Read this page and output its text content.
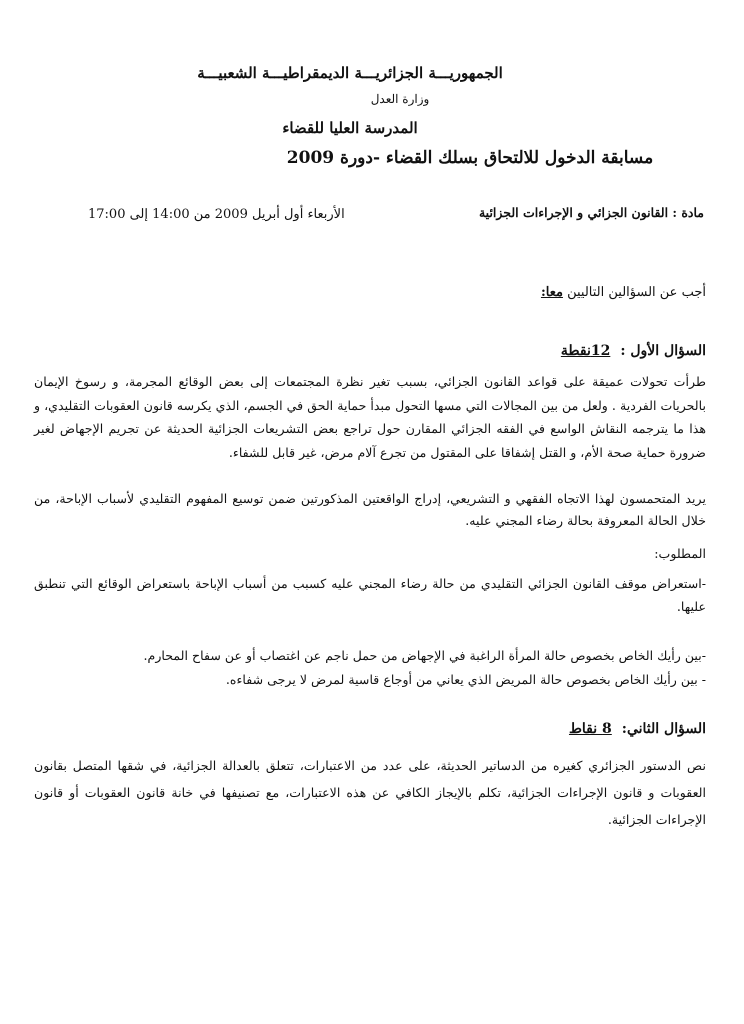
الجمهوريـــة الجزائريـــة الديمقراطيـــة الشعبيـــة
وزارة العدل
المدرسة العليا للقضاء
مسابقة الدخول للالتحاق بسلك القضاء -دورة 2009
مادة : القانون الجزائي و الإجراءات الجزائية
الأربعاء أول أبريل 2009 من 14:00 إلى 17:00
أجب عن السؤالين التاليين معا:
السؤال الأول :12نقطة
طرأت تحولات عميقة على قواعد القانون الجزائي، بسبب تغير نظرة المجتمعات إلى بعض الوقائع المجرمة، و رسوخ الإيمان بالحريات الفردية . ولعل من بين المجالات التي مسها التحول مبدأ حماية الحق في الجسم، الذي يكرسه قانون العقوبات التقليدي، و هذا ما يترجمه النقاش الواسع في الفقه الجزائي المقارن حول تراجع بعض التشريعات الجزائية الحديثة عن تجريم الإجهاض لغير ضرورة حماية صحة الأم، و القتل إشفاقا على المقتول من تجرع آلام مرض، غير قابل للشفاء.
يريد المتحمسون لهذا الاتجاه الفقهي و التشريعي، إدراج الواقعتين المذكورتين ضمن توسيع المفهوم التقليدي لأسباب الإباحة، من خلال الحالة المعروفة بحالة رضاء المجني عليه.
المطلوب:
-استعراض موقف القانون الجزائي التقليدي من حالة رضاء المجني عليه كسبب من أسباب الإباحة باستعراض الوقائع التي تنطبق عليها.
-بين رأيك الخاص بخصوص حالة المرأة الراغبة في الإجهاض من حمل ناجم عن اغتصاب أو عن سفاح المحارم.
- بين رأيك الخاص بخصوص حالة المريض الذي يعاني من أوجاع قاسية لمرض لا يرجى شفاءه.
السؤال الثاني:8 نقاط
نص الدستور الجزائري كغيره من الدساتير الحديثة، على عدد من الاعتبارات، تتعلق بالعدالة الجزائية، في شقها المتصل بقانون العقوبات و قانون الإجراءات الجزائية، تكلم بالإيجاز الكافي عن هذه الاعتبارات، مع تصنيفها في خانة قانون العقوبات أو قانون الإجراءات الجزائية.
